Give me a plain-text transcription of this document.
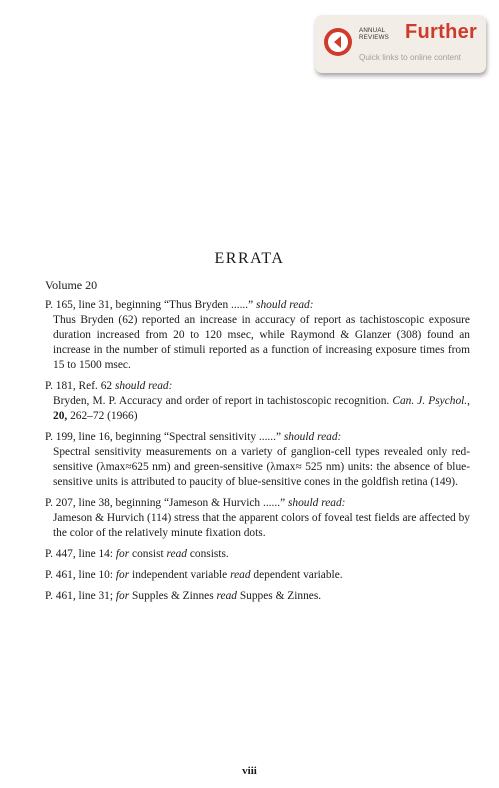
ANNUAL
REVIEWS Further
Quick links to online content
ERRATA
Volume 20
P. 165, line 31, beginning “Thus Bryden ......” should read:
Thus Bryden (62) reported an increase in accuracy of report as tachistoscopic exposure duration increased from 20 to 120 msec, while Raymond & Glanzer (308) found an increase in the number of stimuli reported as a function of increasing exposure times from 15 to 1500 msec.
P. 181, Ref. 62 should read:
Bryden, M. P. Accuracy and order of report in tachistoscopic recognition. Can. J. Psychol., 20, 262–72 (1966)
P. 199, line 16, beginning “Spectral sensitivity ......” should read:
Spectral sensitivity measurements on a variety of ganglion-cell types revealed only red-sensitive (λmax≈625 nm) and green-sensitive (λmax≈ 525 nm) units: the absence of blue-sensitive units is attributed to paucity of blue-sensitive cones in the goldfish retina (149).
P. 207, line 38, beginning “Jameson & Hurvich ......” should read:
Jameson & Hurvich (114) stress that the apparent colors of foveal test fields are affected by the color of the relatively minute fixation dots.
P. 447, line 14: for consist read consists.
P. 461, line 10: for independent variable read dependent variable.
P. 461, line 31; for Supples & Zinnes read Suppes & Zinnes.
viii
